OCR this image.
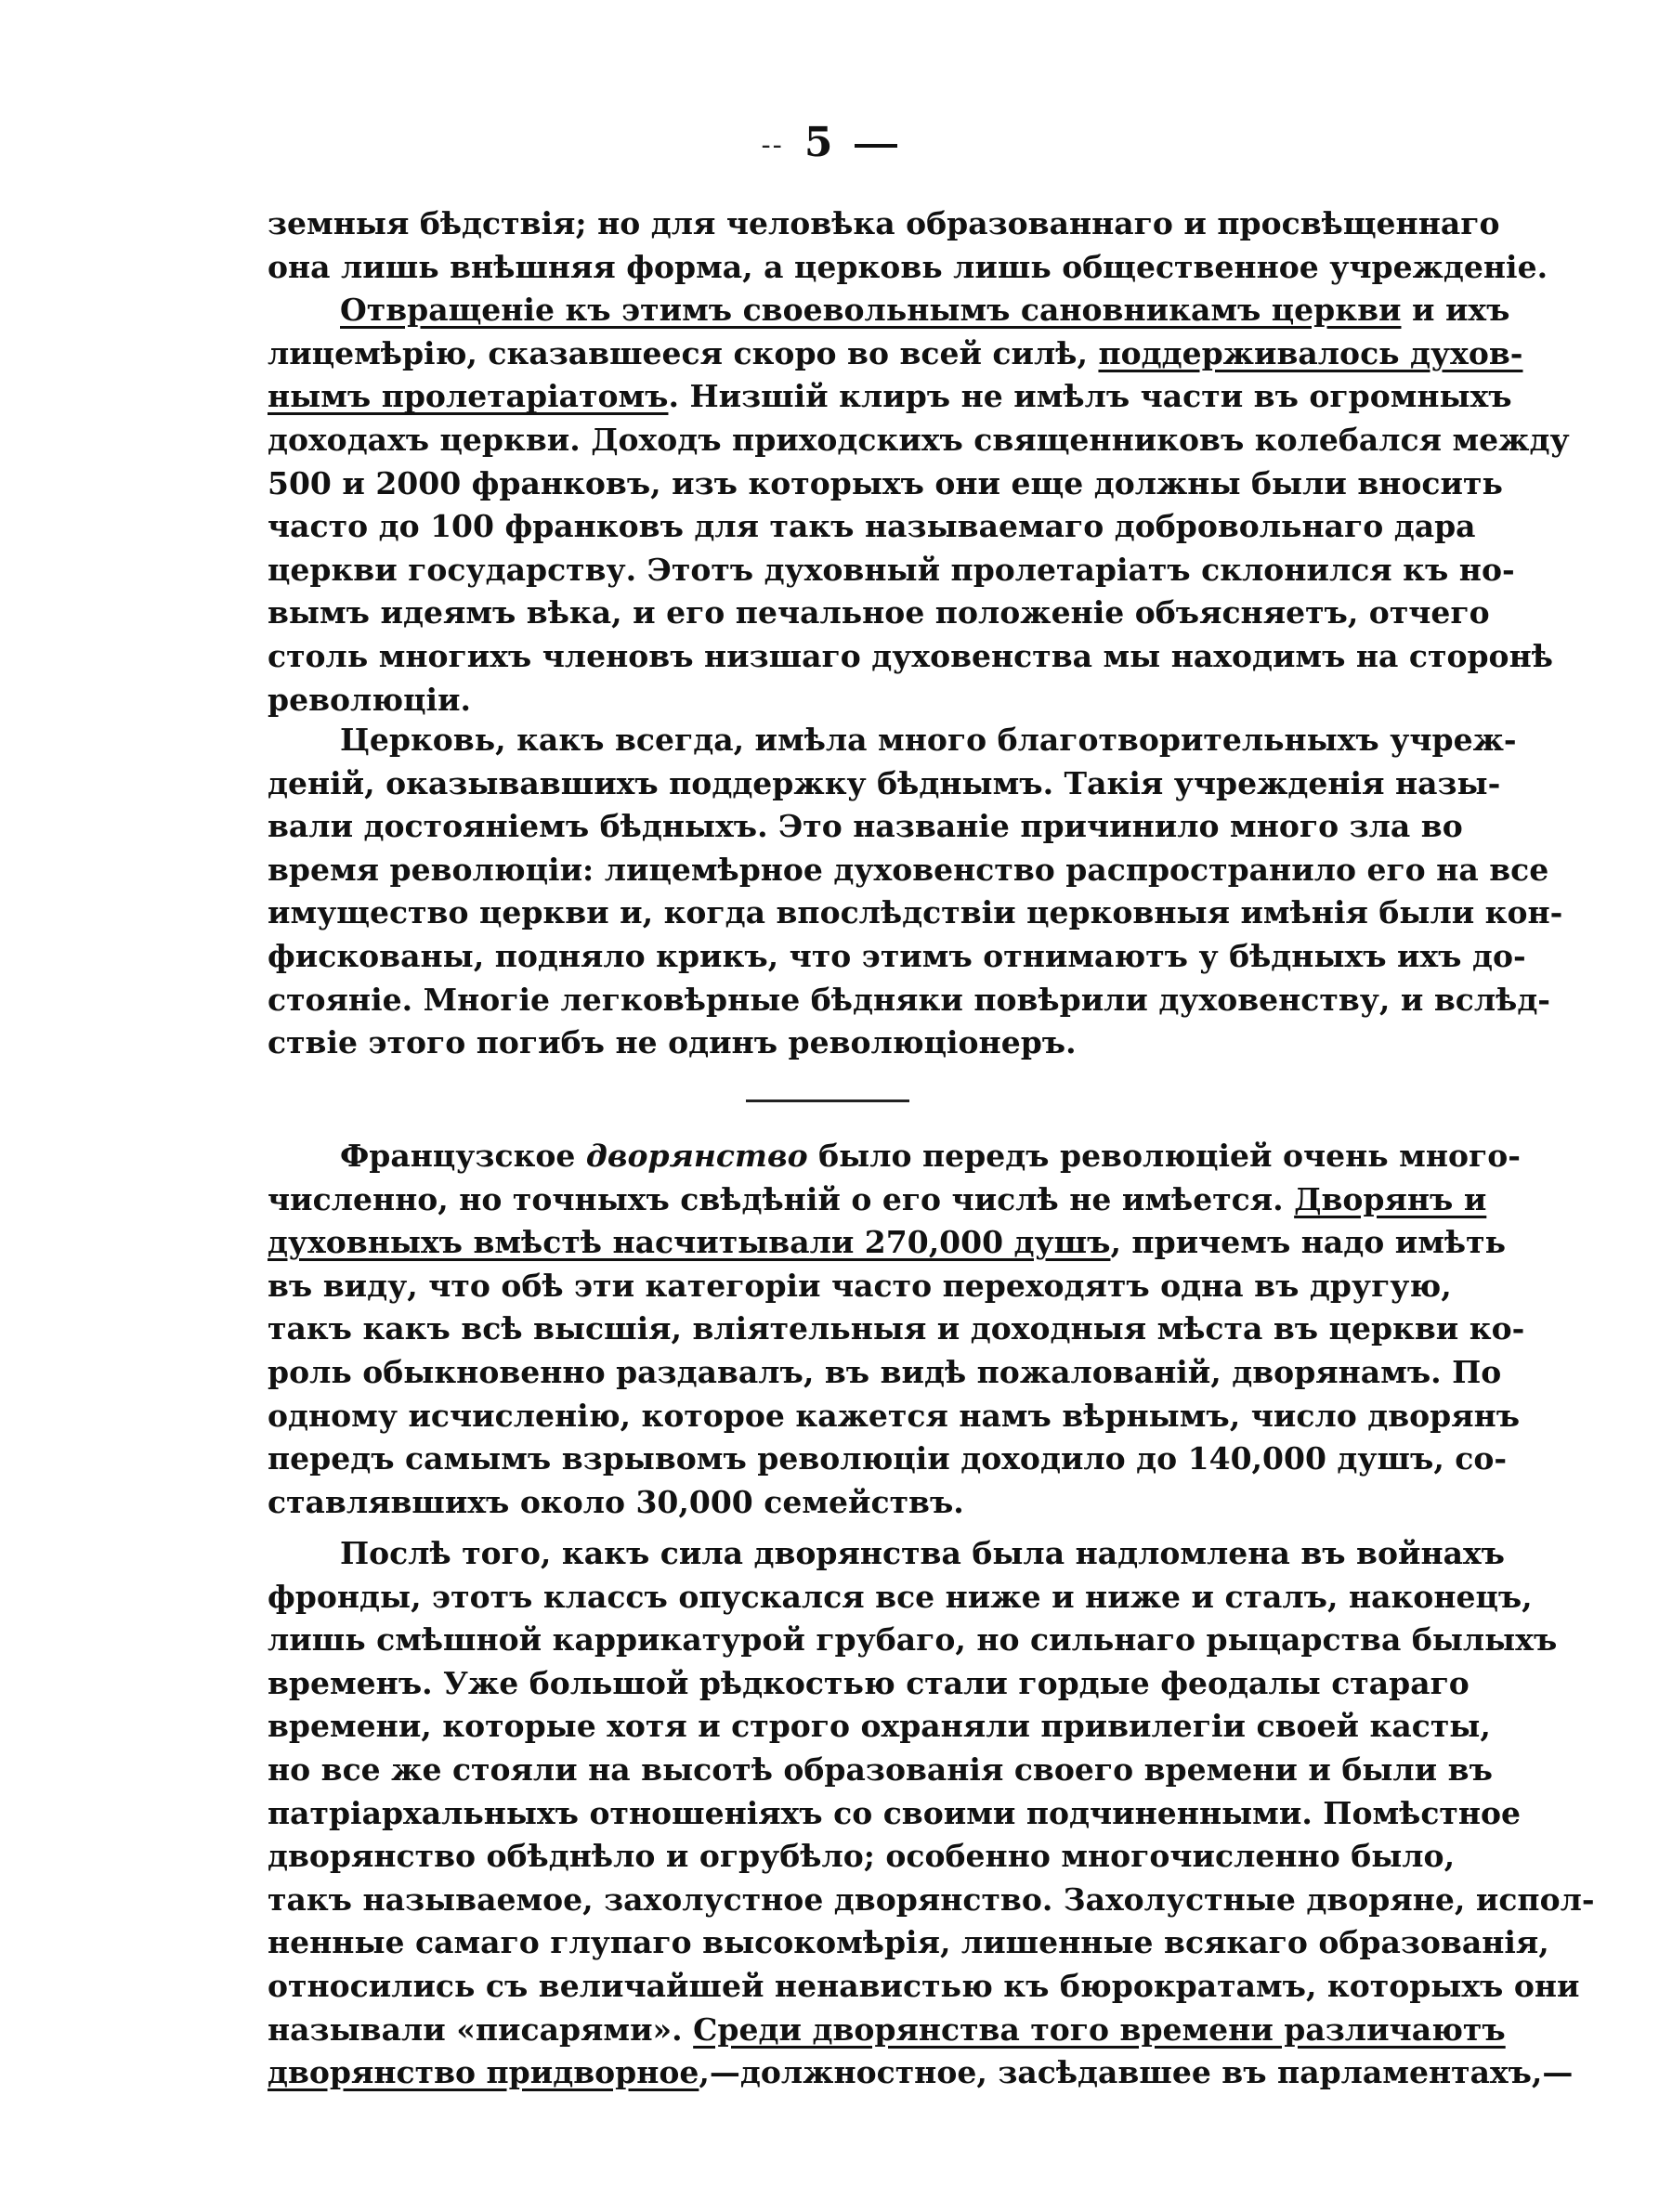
-- 5
земныя бѣдствія; но для человѣка образованнаго и просвѣщеннаго
она лишь внѣшняя форма, а церковь лишь общественное учрежденіе.
Отвращеніе къ этимъ своевольнымъ сановникамъ церкви и ихъ
лицемѣрію, сказавшееся скоро во всей силѣ, поддерживалось духов-
нымъ пролетаріатомъ. Низшій клиръ не имѣлъ части въ огромныхъ
доходахъ церкви. Доходъ приходскихъ священниковъ колебался между
500 и 2000 франковъ, изъ которыхъ они еще должны были вносить
часто до 100 франковъ для такъ называемаго добровольнаго дара
церкви государству. Этотъ духовный пролетаріатъ склонился къ но-
вымъ идеямъ вѣка, и его печальное положеніе объясняетъ, отчего
столь многихъ членовъ низшаго духовенства мы находимъ на сторонѣ
революціи.
Церковь, какъ всегда, имѣла много благотворительныхъ учреж-
деній, оказывавшихъ поддержку бѣднымъ. Такія учрежденія назы-
вали достояніемъ бѣдныхъ. Это названіе причинило много зла во
время революціи: лицемѣрное духовенство распространило его на все
имущество церкви и, когда впослѣдствіи церковныя имѣнія были кон-
фискованы, подняло крикъ, что этимъ отнимаютъ у бѣдныхъ ихъ до-
стояніе. Многіе легковѣрные бѣдняки повѣрили духовенству, и вслѣд-
ствіе этого погибъ не одинъ революціонеръ.
Французское дворянство было передъ революціей очень много-
численно, но точныхъ свѣдѣній о его числѣ не имѣется. Дворянъ и
духовныхъ вмѣстѣ насчитывали 270,000 душъ, причемъ надо имѣть
въ виду, что обѣ эти категоріи часто переходятъ одна въ другую,
такъ какъ всѣ высшія, вліятельныя и доходныя мѣста въ церкви ко-
роль обыкновенно раздавалъ, въ видѣ пожалованій, дворянамъ. По
одному исчисленію, которое кажется намъ вѣрнымъ, число дворянъ
передъ самымъ взрывомъ революціи доходило до 140,000 душъ, со-
ставлявшихъ около 30,000 семействъ.
Послѣ того, какъ сила дворянства была надломлена въ войнахъ
фронды, этотъ классъ опускался все ниже и ниже и сталъ, наконецъ,
лишь смѣшной каррикатурой грубаго, но сильнаго рыцарства былыхъ
временъ. Уже большой рѣдкостью стали гордые феодалы стараго
времени, которые хотя и строго охраняли привилегіи своей касты,
но все же стояли на высотѣ образованія своего времени и были въ
патріархальныхъ отношеніяхъ со своими подчиненными. Помѣстное
дворянство обѣднѣло и огрубѣло; особенно многочисленно было,
такъ называемое, захолустное дворянство. Захолустные дворяне, испол-
ненные самаго глупаго высокомѣрія, лишенные всякаго образованія,
относились съ величайшей ненавистью къ бюрократамъ, которыхъ они
называли «писарями». Среди дворянства того времени различаютъ
дворянство придворное,—должностное, засѣдавшее въ парламентахъ,—
